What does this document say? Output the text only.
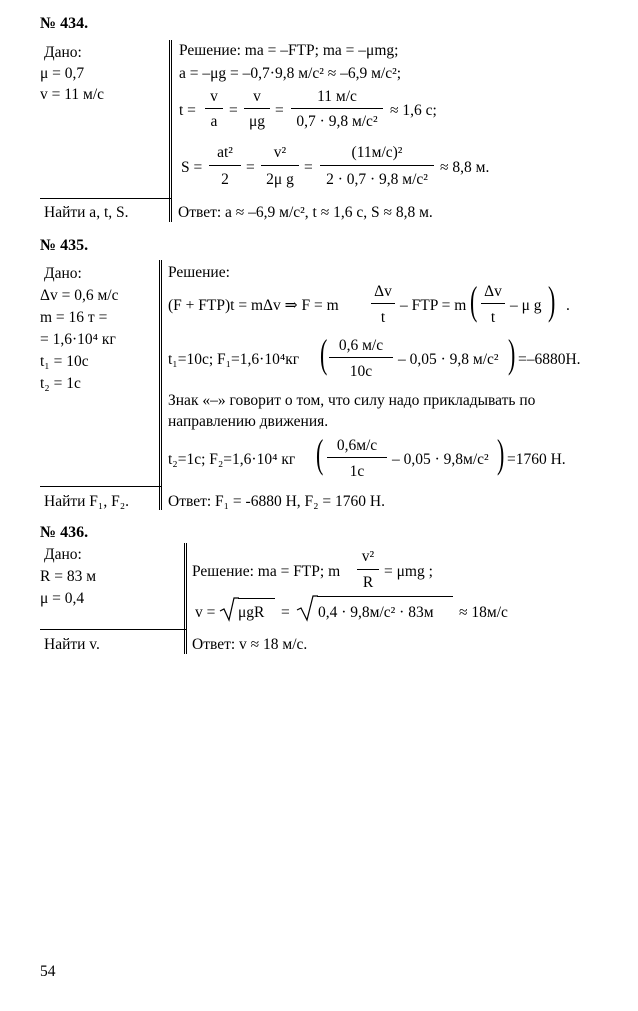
№ 434.
Дано:
μ = 0,7
v = 11 м/с
Найти a, t, S.
Решение: ma = –FTP; ma = –μmg;
a = –μg = –0,7·9,8 м/с² ≈ –6,9 м/с²;
t =
v
a
=
v
μg
=
11 м/с
0,7 · 9,8 м/с²
≈ 1,6 с;
S =
at²
2
=
v²
2μ g
=
(11м/с)²
2 · 0,7 · 9,8 м/с²
≈ 8,8 м.
Ответ: a ≈ –6,9 м/с², t ≈ 1,6 с, S ≈ 8,8 м.
№ 435.
Дано:
Δv = 0,6 м/с
m = 16 т =
= 1,6·10⁴ кг
t₁ = 10с
t₂ = 1с
Найти F₁, F₂.
Решение:
(F + FTP)t = mΔv ⇒ F = m
Δv
t
– FTP = m ( Δv
t
– μ g ) .
t₁=10с; F₁=1,6·10⁴кг ( 0,6 м/с
10с
– 0,05 · 9,8 м/с² ) =–6880Н.
Знак «–» говорит о том, что силу надо прикладывать по
направлению движения.
t₂=1с; F₂=1,6·10⁴ кг ( 0,6м/с
1с
– 0,05 · 9,8м/с² ) =1760 Н.
Ответ: F₁ = -6880 Н, F₂ = 1760 Н.
№ 436.
Дано:
R = 83 м
μ = 0,4
Найти v.
Решение: ma = FTP; m
v²
R
= μmg ;
v = μgR = 0,4 · 9,8м/с² · 83м ≈ 18м/с
Ответ: v ≈ 18 м/с.
54
